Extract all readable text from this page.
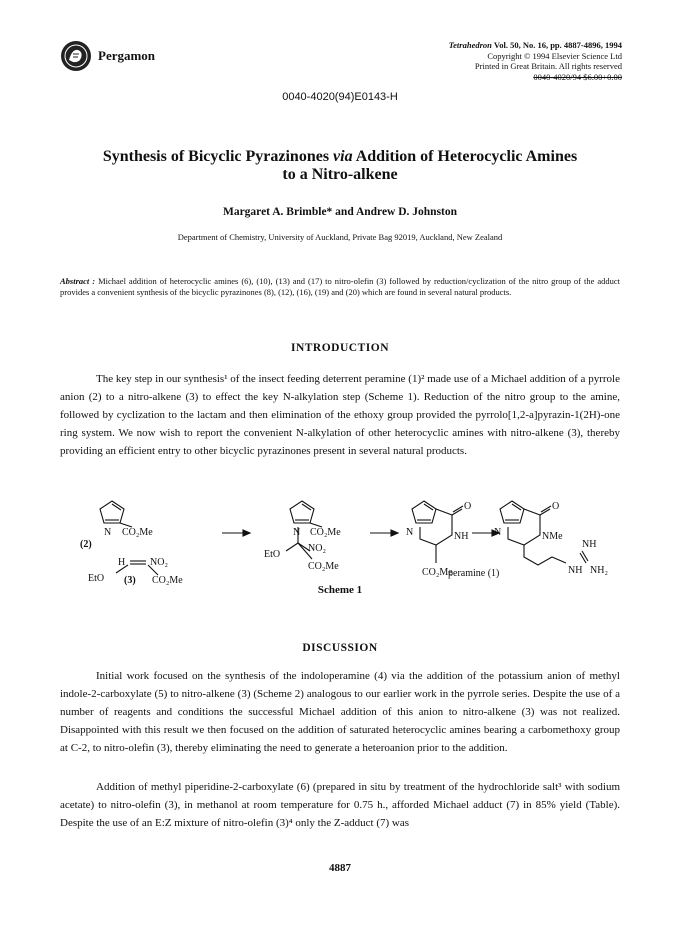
Pergamon
Tetrahedron Vol. 50, No. 16, pp. 4887-4896, 1994
Copyright © 1994 Elsevier Science Ltd
Printed in Great Britain. All rights reserved
0040-4020/94 $6.00+0.00
0040-4020(94)E0143-H
Synthesis of Bicyclic Pyrazinones via Addition of Heterocyclic Amines
to a Nitro-alkene
Margaret A. Brimble* and Andrew D. Johnston
Department of Chemistry, University of Auckland, Private Bag 92019, Auckland, New Zealand
Abstract : Michael addition of heterocyclic amines (6), (10), (13) and (17) to nitro-olefin (3) followed by reduction/cyclization of the nitro group of the adduct provides a convenient synthesis of the bicyclic pyrazinones (8), (12), (16), (19) and (20) which are found in several natural products.
INTRODUCTION

The key step in our synthesis¹ of the insect feeding deterrent peramine (1)² made use of a Michael addition of a pyrrole anion (2) to a nitro-alkene (3) to effect the key N-alkylation step (Scheme 1). Reduction of the nitro group to the amine, followed by cyclization to the lactam and then elimination of the ethoxy group provided the pyrrolo[1,2-a]pyrazin-1(2H)-one ring system. We now wish to report the convenient N-alkylation of other heterocyclic amines with nitro-alkene (3), thereby providing an efficient entry to other bicyclic pyrazinones present in several natural products.

N CO₂Me
(2)
H NO₂
EtO (3) CO₂Me
N CO₂Me
EtO
NO₂
CO₂Me
N
O
NH
CO₂Me
N
O
NMe
NH
NH NH₂
peramine (1)
Scheme 1
DISCUSSION

Initial work focused on the synthesis of the indoloperamine (4) via the addition of the potassium anion of methyl indole-2-carboxylate (5) to nitro-alkene (3) (Scheme 2) analogous to our earlier work in the pyrrole series. Despite the use of a number of reagents and conditions the successful Michael addition of this anion to nitro-alkene (3) was not realized. Disappointed with this result we then focused on the addition of saturated heterocyclic amines bearing a carbomethoxy group at C-2, to nitro-olefin (3), thereby eliminating the need to generate a heteroanion prior to the addition.

Addition of methyl piperidine-2-carboxylate (6) (prepared in situ by treatment of the hydrochloride salt³ with sodium acetate) to nitro-olefin (3), in methanol at room temperature for 0.75 h., afforded Michael adduct (7) in 85% yield (Table). Despite the use of an E:Z mixture of nitro-olefin (3)⁴ only the Z-adduct (7) was

4887
